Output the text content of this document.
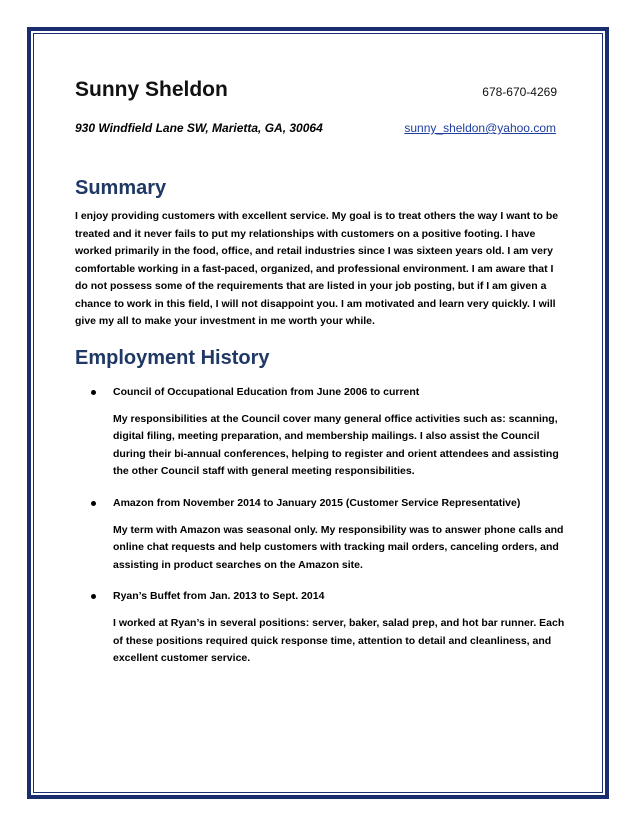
Sunny Sheldon	678-670-4269
930 Windfield Lane SW, Marietta, GA, 30064	sunny_sheldon@yahoo.com
Summary
I enjoy providing customers with excellent service. My goal is to treat others the way I want to be treated and it never fails to put my relationships with customers on a positive footing. I have worked primarily in the food, office, and retail industries since I was sixteen years old. I am very comfortable working in a fast-paced, organized, and professional environment. I am aware that I do not possess some of the requirements that are listed in your job posting, but if I am given a chance to work in this field, I will not disappoint you. I am motivated and learn very quickly. I will give my all to make your investment in me worth your while.
Employment History
Council of Occupational Education from June 2006 to current
My responsibilities at the Council cover many general office activities such as: scanning, digital filing, meeting preparation, and membership mailings. I also assist the Council during their bi-annual conferences, helping to register and orient attendees and assisting the other Council staff with general meeting responsibilities.
Amazon from November 2014 to January 2015 (Customer Service Representative)
My term with Amazon was seasonal only. My responsibility was to answer phone calls and online chat requests and help customers with tracking mail orders, canceling orders, and assisting in product searches on the Amazon site.
Ryan’s Buffet from Jan. 2013 to Sept. 2014
I worked at Ryan’s in several positions: server, baker, salad prep, and hot bar runner. Each of these positions required quick response time, attention to detail and cleanliness, and excellent customer service.
